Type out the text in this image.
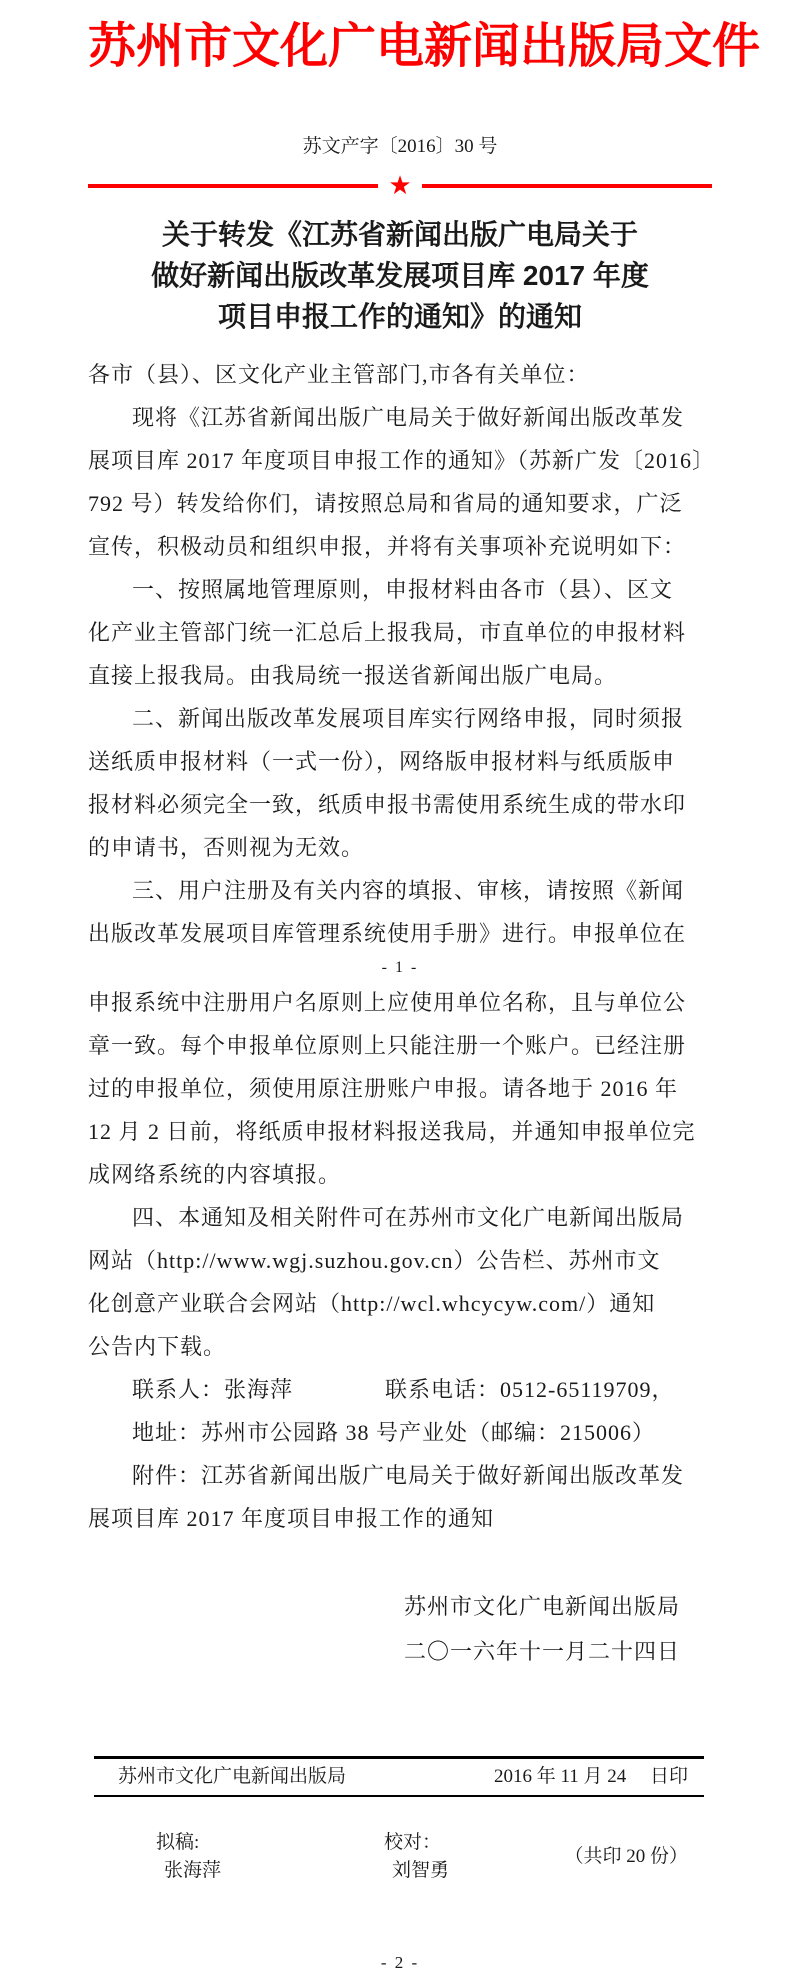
苏州市文化广电新闻出版局文件
苏文产字〔2016〕30 号
★
关于转发《江苏省新闻出版广电局关于
做好新闻出版改革发展项目库 2017 年度
项目申报工作的通知》的通知
各市（县）、区文化产业主管部门,市各有关单位：
现将《江苏省新闻出版广电局关于做好新闻出版改革发
展项目库 2017 年度项目申报工作的通知》（苏新广发〔2016〕
792 号）转发给你们，请按照总局和省局的通知要求，广泛
宣传，积极动员和组织申报，并将有关事项补充说明如下：
一、按照属地管理原则，申报材料由各市（县）、区文
化产业主管部门统一汇总后上报我局，市直单位的申报材料
直接上报我局。由我局统一报送省新闻出版广电局。
二、新闻出版改革发展项目库实行网络申报，同时须报
送纸质申报材料（一式一份），网络版申报材料与纸质版申
报材料必须完全一致，纸质申报书需使用系统生成的带水印
的申请书，否则视为无效。
三、用户注册及有关内容的填报、审核，请按照《新闻
出版改革发展项目库管理系统使用手册》进行。申报单位在
- 1 -
申报系统中注册用户名原则上应使用单位名称，且与单位公
章一致。每个申报单位原则上只能注册一个账户。已经注册
过的申报单位，须使用原注册账户申报。请各地于 2016 年
12 月 2 日前，将纸质申报材料报送我局，并通知申报单位完
成网络系统的内容填报。
四、本通知及相关附件可在苏州市文化广电新闻出版局
网站（http://www.wgj.suzhou.gov.cn）公告栏、苏州市文
化创意产业联合会网站（http://wcl.whcycyw.com/）通知
公告内下载。
联系人：张海萍　　　　联系电话：0512-65119709，
地址：苏州市公园路 38 号产业处（邮编：215006）
附件：江苏省新闻出版广电局关于做好新闻出版改革发
展项目库 2017 年度项目申报工作的通知
苏州市文化广电新闻出版局
二〇一六年十一月二十四日
苏州市文化广电新闻出版局	2016 年 11 月 24　 日印

拟稿:
张海萍

校对：
刘智勇

（共印 20 份）
- 2 -
